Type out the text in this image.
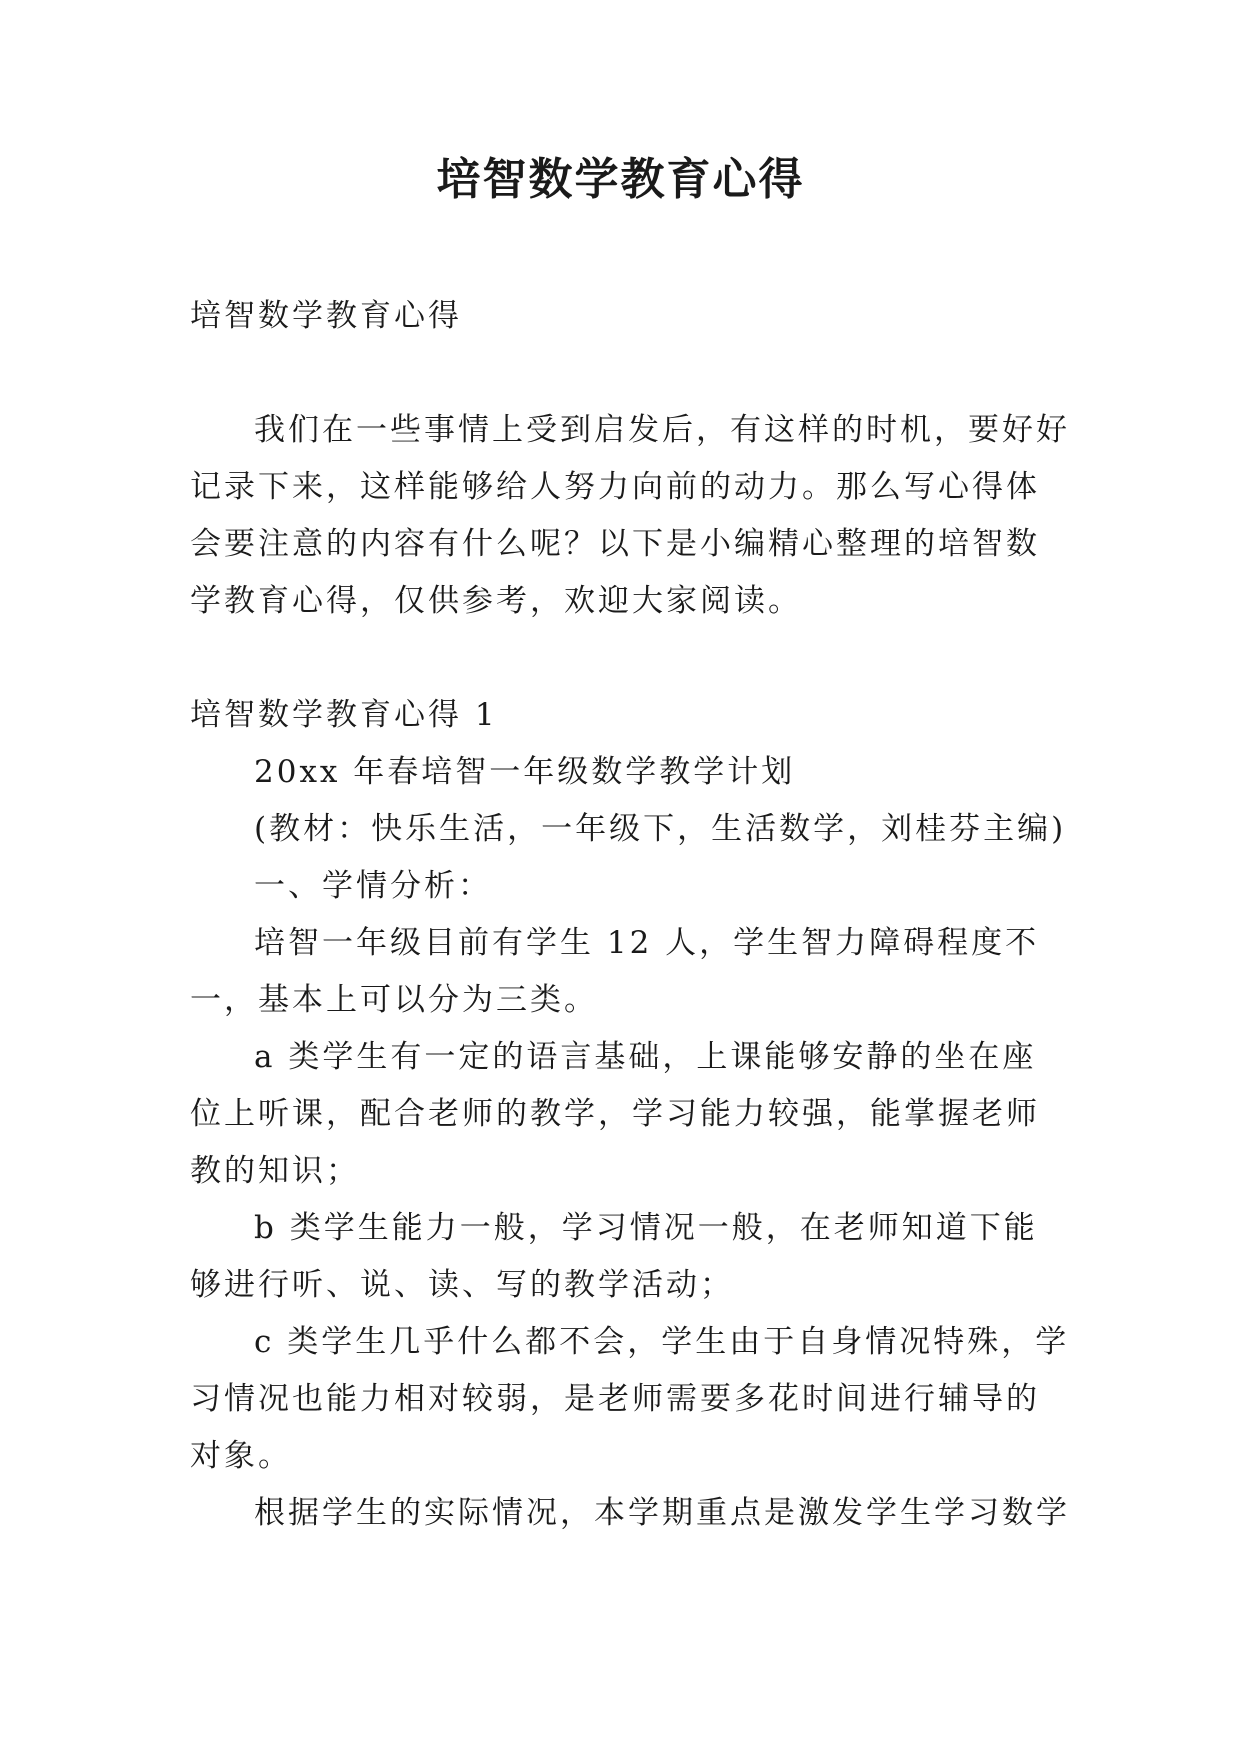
培智数学教育心得

培智数学教育心得

我们在一些事情上受到启发后，有这样的时机，要好好记录下来，这样能够给人努力向前的动力。那么写心得体会要注意的内容有什么呢？以下是小编精心整理的培智数学教育心得，仅供参考，欢迎大家阅读。

培智数学教育心得 1

20xx 年春培智一年级数学教学计划

(教材：快乐生活，一年级下，生活数学，刘桂芬主编)

一、学情分析：

培智一年级目前有学生 12 人，学生智力障碍程度不一，基本上可以分为三类。

a 类学生有一定的语言基础，上课能够安静的坐在座位上听课，配合老师的教学，学习能力较强，能掌握老师教的知识；

b 类学生能力一般，学习情况一般，在老师知道下能够进行听、说、读、写的教学活动；

c 类学生几乎什么都不会，学生由于自身情况特殊，学习情况也能力相对较弱，是老师需要多花时间进行辅导的对象。

根据学生的实际情况，本学期重点是激发学生学习数学
